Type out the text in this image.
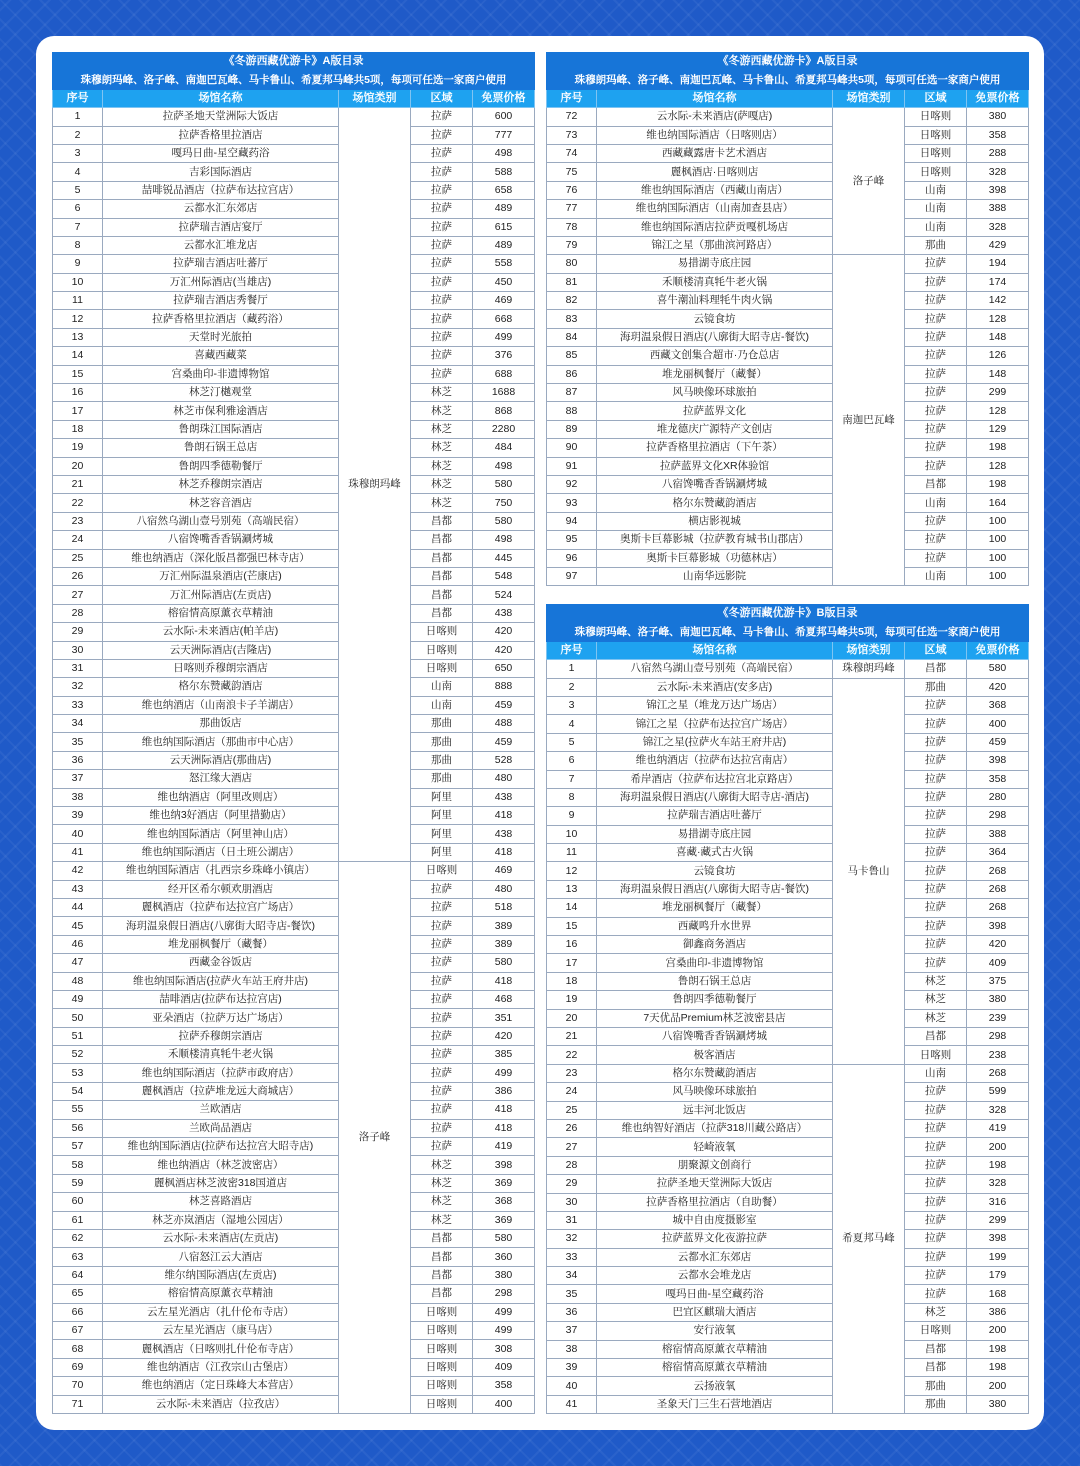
《冬游西藏优游卡》A版目录				
珠穆朗玛峰、洛子峰、南迦巴瓦峰、马卡鲁山、希夏邦马峰共5项，每项可任选一家商户使用				
序号	场馆名称	场馆类别	区域	免票价格
1	拉萨圣地天堂洲际大饭店	珠穆朗玛峰	拉萨	600
2	拉萨香格里拉酒店		拉萨	777
3	嘎玛日曲-星空藏药浴		拉萨	498
4	吉彩国际酒店		拉萨	588
5	喆啡锐品酒店（拉萨布达拉宫店）		拉萨	658
6	云都水汇东郊店		拉萨	489
7	拉萨瑞吉酒店宴厅		拉萨	615
8	云都水汇堆龙店		拉萨	489
9	拉萨瑞吉酒店吐蕃厅		拉萨	558
10	万汇州际酒店(当雄店)		拉萨	450
11	拉萨瑞吉酒店秀餐厅		拉萨	469
12	拉萨香格里拉酒店（藏药浴）		拉萨	668
13	天堂时光旅拍		拉萨	499
14	喜藏西藏菜		拉萨	376
15	宫桑曲印-非遗博物馆		拉萨	688
16	林芝汀樾观堂		林芝	1688
17	林芝市保利雅途酒店		林芝	868
18	鲁朗珠江国际酒店		林芝	2280
19	鲁朗石锅王总店		林芝	484
20	鲁朗四季德勒餐厅		林芝	498
21	林芝乔穆朗宗酒店		林芝	580
22	林芝容音酒店		林芝	750
23	八宿然乌湖山壹号别苑（高端民宿）		昌都	580
24	八宿馋嘴香香锅涮烤城		昌都	498
25	维也纳酒店（深化版昌都强巴林寺店）		昌都	445
26	万汇州际温泉酒店(芒康店)		昌都	548
27	万汇州际酒店(左贡店)		昌都	524
28	榕宿情高原薰衣草精油		昌都	438
29	云水际-未来酒店(帕羊店)		日喀则	420
30	云天洲际酒店(吉隆店)		日喀则	420
31	日喀则乔穆朗宗酒店		日喀则	650
32	格尔东赞藏韵酒店		山南	888
33	维也纳酒店（山南浪卡子羊湖店）		山南	459
34	那曲饭店		那曲	488
35	维也纳国际酒店（那曲市中心店）		那曲	459
36	云天洲际酒店(那曲店)		那曲	528
37	怒江缘大酒店		那曲	480
38	维也纳酒店（阿里改则店）		阿里	438
39	维也纳3好酒店（阿里措勤店）		阿里	418
40	维也纳国际酒店（阿里神山店）		阿里	438
41	维也纳国际酒店（日土班公湖店）		阿里	418
42	维也纳国际酒店（扎西宗乡珠峰小镇店）	洛子峰	日喀则	469
43	经开区希尔顿欢朋酒店		拉萨	480
44	麗枫酒店（拉萨布达拉宫广场店）		拉萨	518
45	海玥温泉假日酒店(八廓街大昭寺店-餐饮)		拉萨	389
46	堆龙丽枫餐厅（藏餐）		拉萨	389
47	西藏金谷饭店		拉萨	580
48	维也纳国际酒店(拉萨火车站王府井店)		拉萨	418
49	喆啡酒店(拉萨布达拉宫店)		拉萨	468
50	亚朵酒店（拉萨万达广场店）		拉萨	351
51	拉萨乔穆朗宗酒店		拉萨	420
52	禾顺楼清真牦牛老火锅		拉萨	385
53	维也纳国际酒店（拉萨市政府店）		拉萨	499
54	麗枫酒店（拉萨堆龙远大商城店）		拉萨	386
55	兰欧酒店		拉萨	418
56	兰欧尚品酒店		拉萨	418
57	维也纳国际酒店(拉萨布达拉宫大昭寺店)		拉萨	419
58	维也纳酒店（林芝波密店）		林芝	398
59	麗枫酒店林芝波密318国道店		林芝	369
60	林芝喜路酒店		林芝	368
61	林芝亦岚酒店（湿地公园店）		林芝	369
62	云水际-未来酒店(左贡店)		昌都	580
63	八宿怒江云大酒店		昌都	360
64	维尔纳国际酒店(左贡店)		昌都	380
65	榕宿情高原薰衣草精油		昌都	298
66	云左星光酒店（扎什伦布寺店）		日喀则	499
67	云左星光酒店（康马店）		日喀则	499
68	麗枫酒店（日喀则扎什伦布寺店）		日喀则	308
69	维也纳酒店（江孜宗山古堡店）		日喀则	409
70	维也纳酒店（定日珠峰大本营店）		日喀则	358
71	云水际-未来酒店（拉孜店）		日喀则	400
《冬游西藏优游卡》A版目录				
珠穆朗玛峰、洛子峰、南迦巴瓦峰、马卡鲁山、希夏邦马峰共5项，每项可任选一家商户使用				
序号	场馆名称	场馆类别	区域	免票价格
72	云水际-未来酒店(萨嘎店)	洛子峰	日喀则	380
73	维也纳国际酒店（日喀则店）		日喀则	358
74	西藏藏露唐卡艺术酒店		日喀则	288
75	麗枫酒店·日喀则店		日喀则	328
76	维也纳国际酒店（西藏山南店）		山南	398
77	维也纳国际酒店（山南加查县店）		山南	388
78	维也纳国际酒店拉萨贡嘎机场店		山南	328
79	锦江之星（那曲滨河路店）		那曲	429
80	易措湖寺底庄园	南迦巴瓦峰	拉萨	194
81	禾顺楼清真牦牛老火锅		拉萨	174
82	喜牛潮汕料理牦牛肉火锅		拉萨	142
83	云镜食坊		拉萨	128
84	海玥温泉假日酒店(八廓街大昭寺店-餐饮)		拉萨	148
85	西藏文创集合超市·乃仓总店		拉萨	126
86	堆龙丽枫餐厅（藏餐）		拉萨	148
87	风马映像环球旅拍		拉萨	299
88	拉萨蓝界文化		拉萨	128
89	堆龙德庆广源特产文创店		拉萨	129
90	拉萨香格里拉酒店（下午茶）		拉萨	198
91	拉萨蓝界文化XR体验馆		拉萨	128
92	八宿馋嘴香香锅涮烤城		昌都	198
93	格尔东赞藏韵酒店		山南	164
94	横店影视城		拉萨	100
95	奥斯卡巨幕影城（拉萨教育城书山郡店）		拉萨	100
96	奥斯卡巨幕影城（功德林店）		拉萨	100
97	山南华远影院		山南	100
《冬游西藏优游卡》B版目录				
珠穆朗玛峰、洛子峰、南迦巴瓦峰、马卡鲁山、希夏邦马峰共5项，每项可任选一家商户使用				
序号	场馆名称	场馆类别	区域	免票价格
1	八宿然乌湖山壹号别苑（高端民宿）	珠穆朗玛峰	昌都	580
2	云水际-未来酒店(安多店)	马卡鲁山	那曲	420
3	锦江之星（堆龙万达广场店）		拉萨	368
4	锦江之星（拉萨布达拉宫广场店）		拉萨	400
5	锦江之星(拉萨火车站王府井店)		拉萨	459
6	维也纳酒店（拉萨布达拉宫南店）		拉萨	398
7	希岸酒店（拉萨布达拉宫北京路店）		拉萨	358
8	海玥温泉假日酒店(八廓街大昭寺店-酒店)		拉萨	280
9	拉萨瑞吉酒店吐蕃厅		拉萨	298
10	易措湖寺底庄园		拉萨	388
11	喜藏·藏式古火锅		拉萨	364
12	云镜食坊		拉萨	268
13	海玥温泉假日酒店(八廓街大昭寺店-餐饮)		拉萨	268
14	堆龙丽枫餐厅（藏餐）		拉萨	268
15	西藏鸣升水世界		拉萨	398
16	御鑫商务酒店		拉萨	420
17	宫桑曲印-非遗博物馆		拉萨	409
18	鲁朗石锅王总店		林芝	375
19	鲁朗四季德勒餐厅		林芝	380
20	7天优品Premium林芝波密县店		林芝	239
21	八宿馋嘴香香锅涮烤城		昌都	298
22	极客酒店		日喀则	238
23	格尔东赞藏韵酒店	希夏邦马峰	山南	268
24	风马映像环球旅拍		拉萨	599
25	远丰河北饭店		拉萨	328
26	维也纳智好酒店（拉萨318川藏公路店）		拉萨	419
27	轻崎液氧		拉萨	200
28	朋聚源文创商行		拉萨	198
29	拉萨圣地天堂洲际大饭店		拉萨	328
30	拉萨香格里拉酒店（自助餐）		拉萨	316
31	城中自由度摄影室		拉萨	299
32	拉萨蓝界文化夜游拉萨		拉萨	398
33	云都水汇东郊店		拉萨	199
34	云都水会堆龙店		拉萨	179
35	嘎玛日曲-星空藏药浴		拉萨	168
36	巴宜区麒瑞大酒店		林芝	386
37	安行液氧		日喀则	200
38	榕宿情高原薰衣草精油		昌都	198
39	榕宿情高原薰衣草精油		昌都	198
40	云扬液氧		那曲	200
41	圣象天门三生石营地酒店		那曲	380
